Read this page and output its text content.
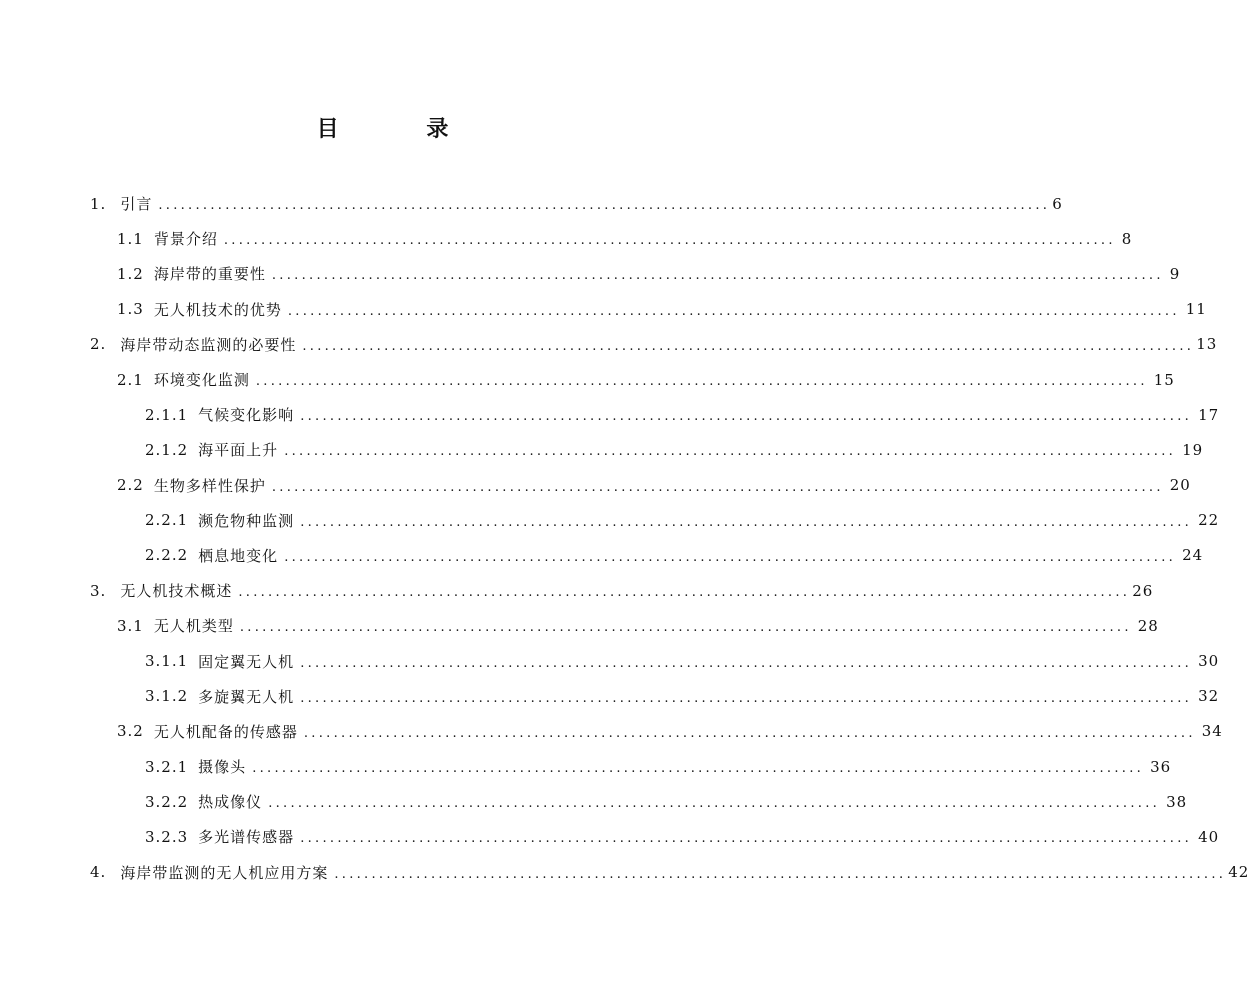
目 录
1. 引言 ........................................................................................................................ 6
1.1 背景介绍 ........................................................................................................................ 8
1.2 海岸带的重要性 ........................................................................................................................ 9
1.3 无人机技术的优势 ........................................................................................................................ 11
2. 海岸带动态监测的必要性 ........................................................................................................................ 13
2.1 环境变化监测 ........................................................................................................................ 15
2.1.1 气候变化影响 ........................................................................................................................ 17
2.1.2 海平面上升 ........................................................................................................................ 19
2.2 生物多样性保护 ........................................................................................................................ 20
2.2.1 濒危物种监测 ........................................................................................................................ 22
2.2.2 栖息地变化 ........................................................................................................................ 24
3. 无人机技术概述 ........................................................................................................................ 26
3.1 无人机类型 ........................................................................................................................ 28
3.1.1 固定翼无人机 ........................................................................................................................ 30
3.1.2 多旋翼无人机 ........................................................................................................................ 32
3.2 无人机配备的传感器 ........................................................................................................................ 34
3.2.1 摄像头 ........................................................................................................................ 36
3.2.2 热成像仪 ........................................................................................................................ 38
3.2.3 多光谱传感器 ........................................................................................................................ 40
4. 海岸带监测的无人机应用方案 ........................................................................................................................ 42
